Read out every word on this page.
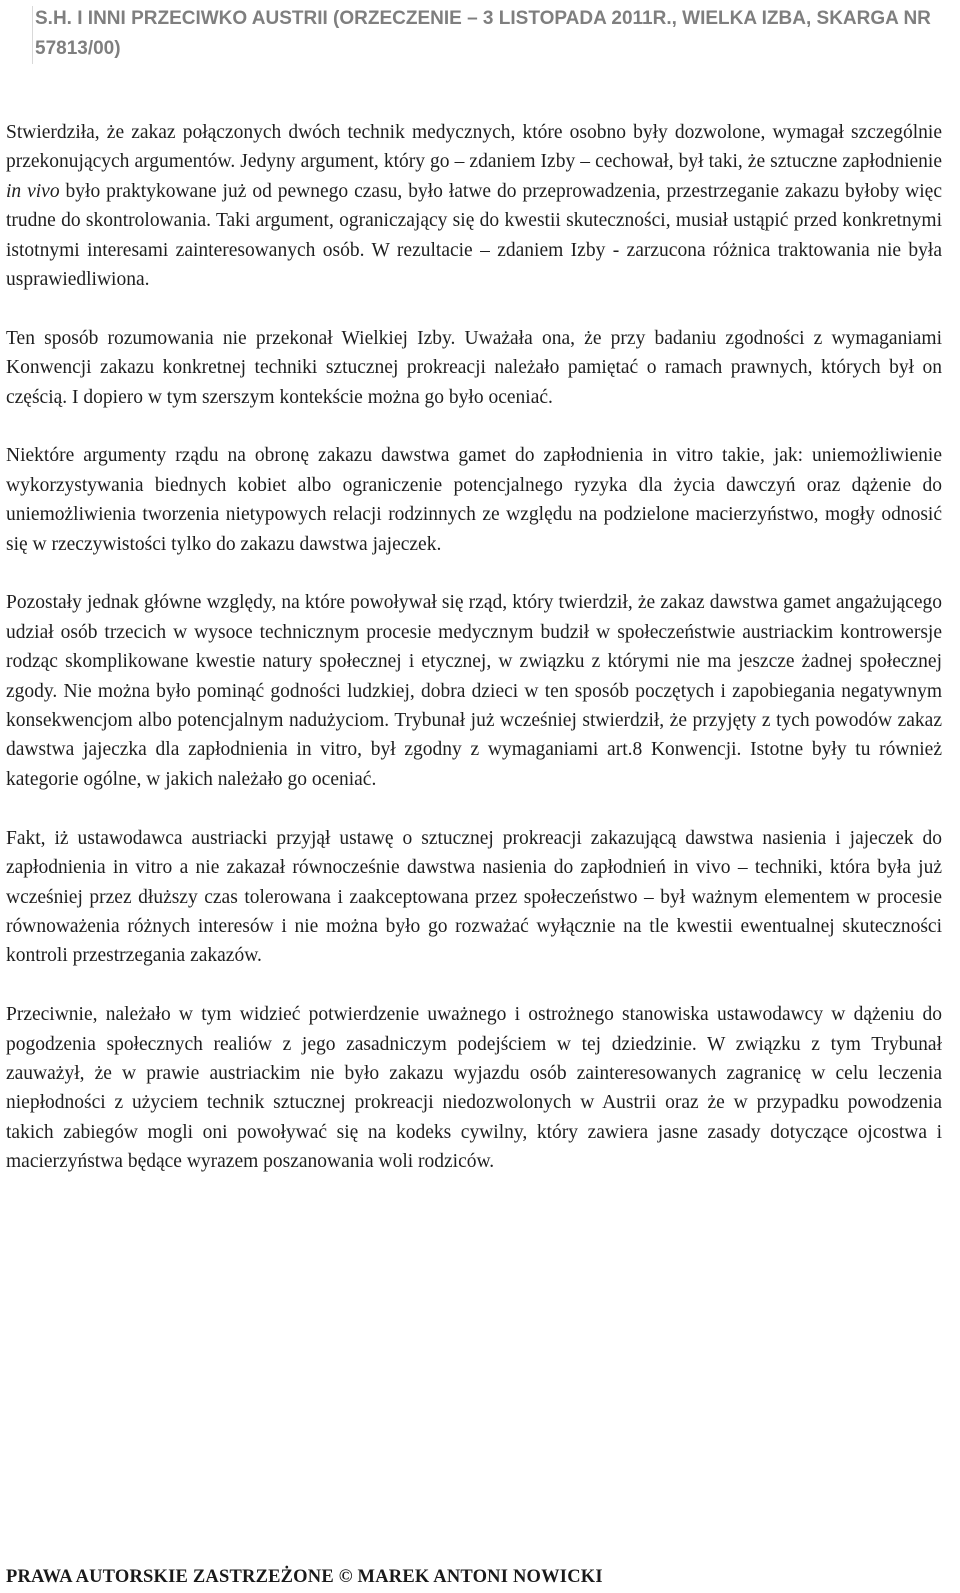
S.H. I INNI PRZECIWKO AUSTRII (ORZECZENIE – 3 LISTOPADA 2011R., WIELKA IZBA, SKARGA NR 57813/00)

Stwierdziła, że zakaz połączonych dwóch technik medycznych, które osobno były dozwolone, wymagał szczególnie przekonujących argumentów. Jedyny argument, który go – zdaniem Izby – cechował, był taki, że sztuczne zapłodnienie in vivo było praktykowane już od pewnego czasu, było łatwe do przeprowadzenia, przestrzeganie zakazu byłoby więc trudne do skontrolowania. Taki argument, ograniczający się do kwestii skuteczności, musiał ustąpić przed konkretnymi istotnymi interesami zainteresowanych osób. W rezultacie – zdaniem Izby - zarzucona różnica traktowania nie była usprawiedliwiona.

Ten sposób rozumowania nie przekonał Wielkiej Izby. Uważała ona, że przy badaniu zgodności z wymaganiami Konwencji zakazu konkretnej techniki sztucznej prokreacji należało pamiętać o ramach prawnych, których był on częścią. I dopiero w tym szerszym kontekście można go było oceniać.

Niektóre argumenty rządu na obronę zakazu dawstwa gamet do zapłodnienia in vitro takie, jak: uniemożliwienie wykorzystywania biednych kobiet albo ograniczenie potencjalnego ryzyka dla życia dawczyń oraz dążenie do uniemożliwienia tworzenia nietypowych relacji rodzinnych ze względu na podzielone macierzyństwo, mogły odnosić się w rzeczywistości tylko do zakazu dawstwa jajeczek.

Pozostały jednak główne względy, na które powoływał się rząd, który twierdził, że zakaz dawstwa gamet angażującego udział osób trzecich w wysoce technicznym procesie medycznym budził w społeczeństwie austriackim kontrowersje rodząc skomplikowane kwestie natury społecznej i etycznej, w związku z którymi nie ma jeszcze żadnej społecznej zgody. Nie można było pominąć godności ludzkiej, dobra dzieci w ten sposób poczętych i zapobiegania negatywnym konsekwencjom albo potencjalnym nadużyciom. Trybunał już wcześniej stwierdził, że przyjęty z tych powodów zakaz dawstwa jajeczka dla zapłodnienia in vitro, był zgodny z wymaganiami art.8 Konwencji. Istotne były tu również kategorie ogólne, w jakich należało go oceniać.

Fakt, iż ustawodawca austriacki przyjął ustawę o sztucznej prokreacji zakazującą dawstwa nasienia i jajeczek do zapłodnienia in vitro a nie zakazał równocześnie dawstwa nasienia do zapłodnień in vivo – techniki, która była już wcześniej przez dłuższy czas tolerowana i zaakceptowana przez społeczeństwo – był ważnym elementem w procesie równoważenia różnych interesów i nie można było go rozważać wyłącznie na tle kwestii ewentualnej skuteczności kontroli przestrzegania zakazów.

Przeciwnie, należało w tym widzieć potwierdzenie uważnego i ostrożnego stanowiska ustawodawcy w dążeniu do pogodzenia społecznych realiów z jego zasadniczym podejściem w tej dziedzinie. W związku z tym Trybunał zauważył, że w prawie austriackim nie było zakazu wyjazdu osób zainteresowanych zagranicę w celu leczenia niepłodności z użyciem technik sztucznej prokreacji niedozwolonych w Austrii oraz że w przypadku powodzenia takich zabiegów mogli oni powoływać się na kodeks cywilny, który zawiera jasne zasady dotyczące ojcostwa i macierzyństwa będące wyrazem poszanowania woli rodziców.

PRAWA AUTORSKIE ZASTRZEŻONE © MAREK ANTONI NOWICKI
